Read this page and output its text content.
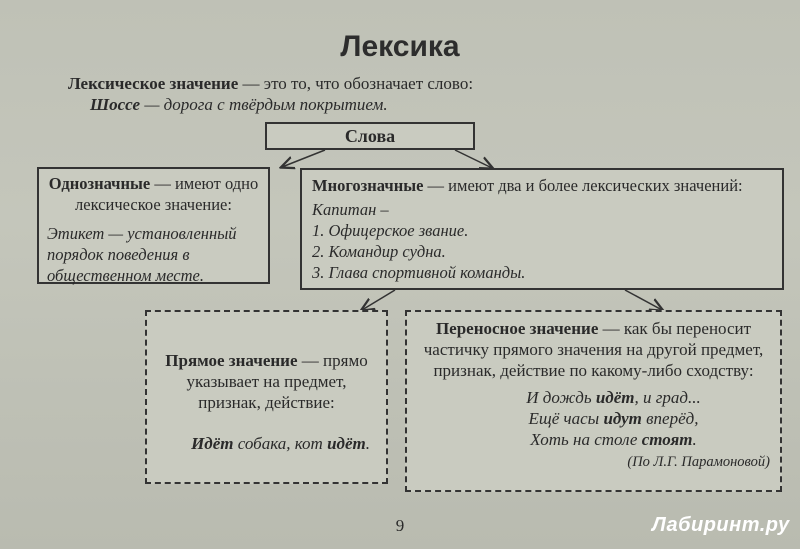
Лексика
Лексическое значение — это то, что обозначает слово:
Шоссе — дорога с твёрдым покрытием.
Слова
Однозначные — имеют одно лексическое значение:
Этикет — установленный порядок поведения в общественном месте.
Многозначные — имеют два и более лексических значений:
Капитан –
1. Офицерское звание.
2. Командир судна.
3. Глава спортивной команды.
Прямое значение — прямо указывает на предмет, признак, действие:
Идёт собака, кот идёт.
Переносное значение — как бы переносит частичку прямого значения на другой предмет, признак, действие по какому-либо сходству:
И дождь идёт, и град...
Ещё часы идут вперёд,
Хоть на столе стоят.
(По Л.Г. Парамоновой)
9	Лабиринт.ру
